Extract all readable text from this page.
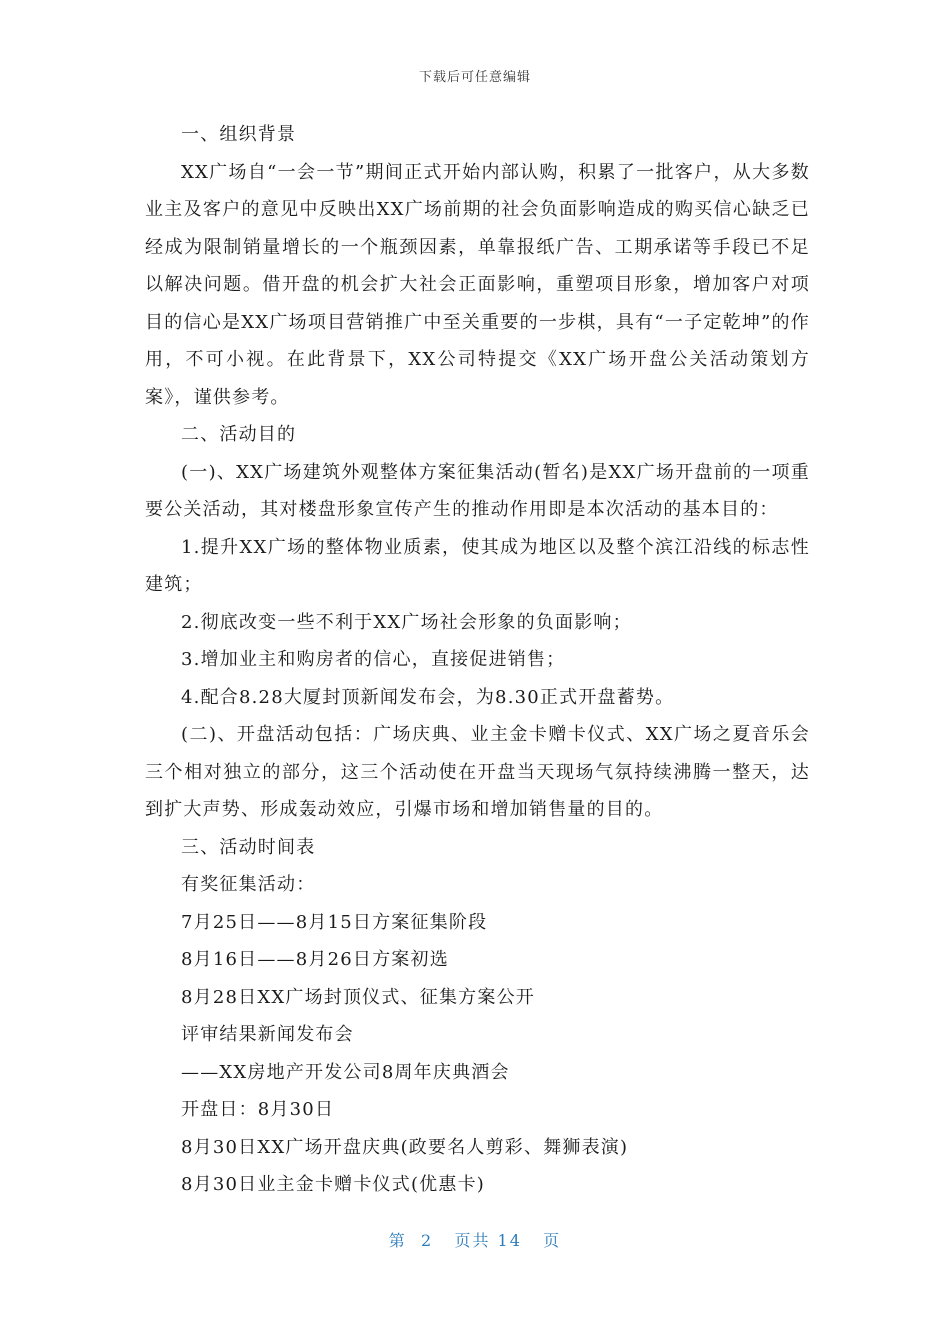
下载后可任意编辑

一、组织背景

XX广场自“一会一节”期间正式开始内部认购，积累了一批客户，从大多数业主及客户的意见中反映出XX广场前期的社会负面影响造成的购买信心缺乏已经成为限制销量增长的一个瓶颈因素，单靠报纸广告、工期承诺等手段已不足以解决问题。借开盘的机会扩大社会正面影响，重塑项目形象，增加客户对项目的信心是XX广场项目营销推广中至关重要的一步棋，具有“一子定乾坤”的作用，不可小视。在此背景下，XX公司特提交《XX广场开盘公关活动策划方案》，谨供参考。

二、活动目的

(一)、XX广场建筑外观整体方案征集活动(暂名)是XX广场开盘前的一项重要公关活动，其对楼盘形象宣传产生的推动作用即是本次活动的基本目的：

1.提升XX广场的整体物业质素，使其成为地区以及整个滨江沿线的标志性建筑；

2.彻底改变一些不利于XX广场社会形象的负面影响；

3.增加业主和购房者的信心，直接促进销售；

4.配合8.28大厦封顶新闻发布会，为8.30正式开盘蓄势。

(二)、开盘活动包括：广场庆典、业主金卡赠卡仪式、XX广场之夏音乐会三个相对独立的部分，这三个活动使在开盘当天现场气氛持续沸腾一整天，达到扩大声势、形成轰动效应，引爆市场和增加销售量的目的。

三、活动时间表

有奖征集活动：

7月25日——8月15日方案征集阶段

8月16日——8月26日方案初选

8月28日XX广场封顶仪式、征集方案公开

评审结果新闻发布会

——XX房地产开发公司8周年庆典酒会

开盘日：8月30日

8月30日XX广场开盘庆典(政要名人剪彩、舞狮表演)

8月30日业主金卡赠卡仪式(优惠卡)

第 2 页共 14 页
